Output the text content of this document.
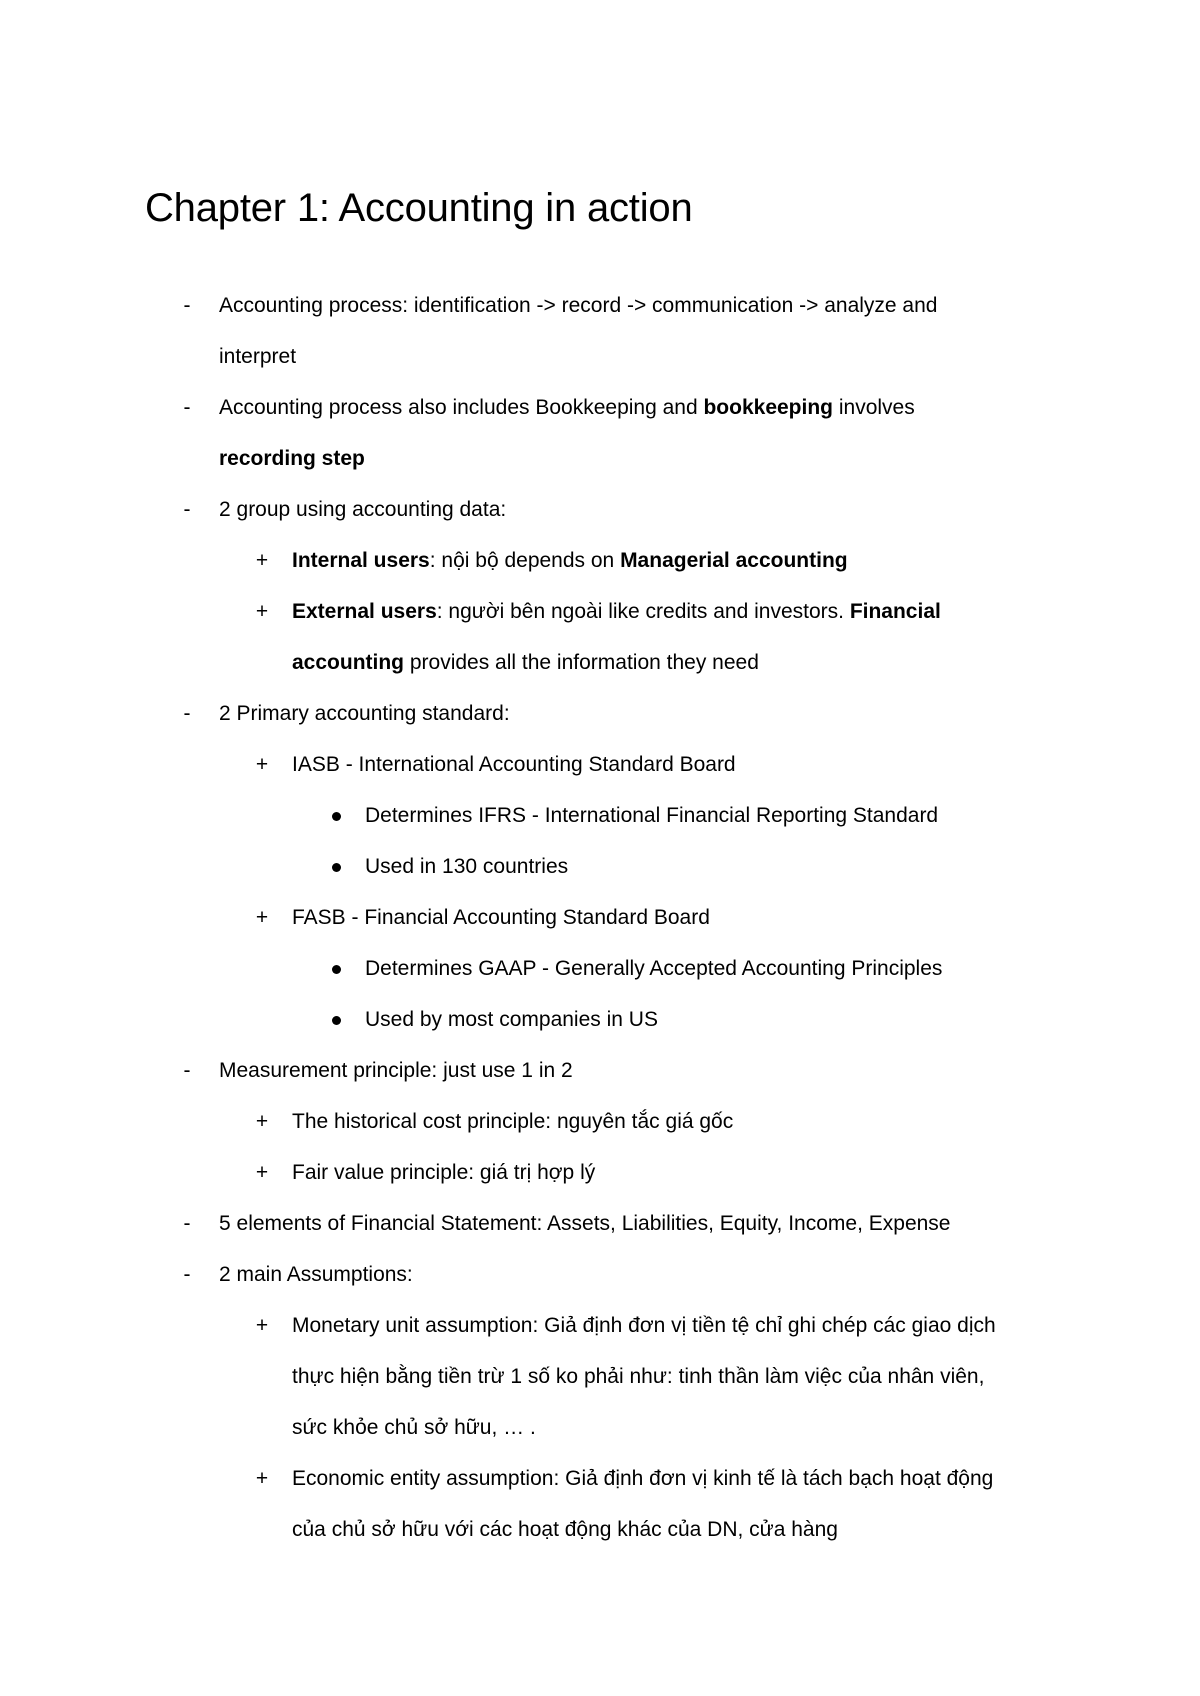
Chapter 1: Accounting in action
-	Accounting process: identification -> record -> communication -> analyze and
interpret
-	Accounting process also includes Bookkeeping and bookkeeping involves
recording step
-	2 group using accounting data:
+ Internal users: nội bộ depends on Managerial accounting
+ External users: người bên ngoài like credits and investors. Financial
accounting provides all the information they need
-	2 Primary accounting standard:
+ IASB - International Accounting Standard Board
Determines IFRS - International Financial Reporting Standard
Used in 130 countries
+ FASB - Financial Accounting Standard Board
Determines GAAP - Generally Accepted Accounting Principles
Used by most companies in US
-	Measurement principle: just use 1 in 2
+ The historical cost principle: nguyên tắc giá gốc
+ Fair value principle: giá trị hợp lý
-	5 elements of Financial Statement: Assets, Liabilities, Equity, Income, Expense
-	2 main Assumptions:
+ Monetary unit assumption: Giả định đơn vị tiền tệ chỉ ghi chép các giao dịch
thực hiện bằng tiền trừ 1 số ko phải như: tinh thần làm việc của nhân viên,
sức khỏe chủ sở hữu, … .
+ Economic entity assumption: Giả định đơn vị kinh tế là tách bạch hoạt động
của chủ sở hữu với các hoạt động khác của DN, cửa hàng
